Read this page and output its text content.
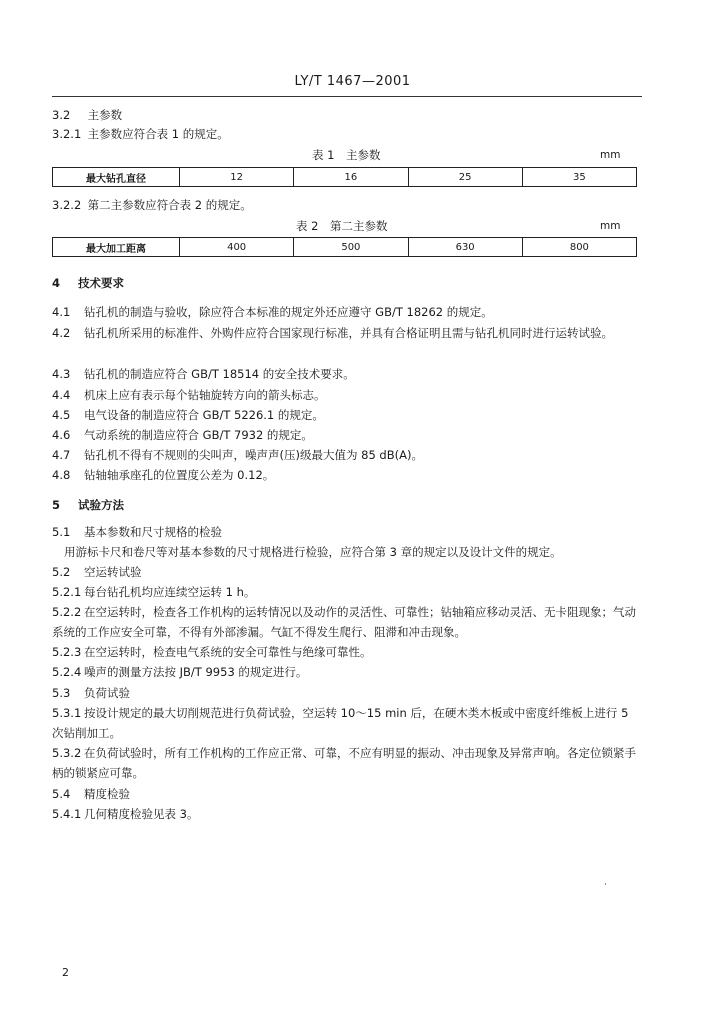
LY/T 1467—2001
3.2 主参数
3.2.1 主参数应符合表 1 的规定。
表 1　主参数	mm
最大钻孔直径	12	16	25	35
3.2.2 第二主参数应符合表 2 的规定。
表 2　第二主参数	mm
最大加工距离	400	500	630	800
4 技术要求
4.1 钻孔机的制造与验收，除应符合本标准的规定外还应遵守 GB/T 18262 的规定。
4.2 钻孔机所采用的标准件、外购件应符合国家现行标准，并具有合格证明且需与钻孔机同时进行运转试验。
4.3 钻孔机的制造应符合 GB/T 18514 的安全技术要求。
4.4 机床上应有表示每个钻轴旋转方向的箭头标志。
4.5 电气设备的制造应符合 GB/T 5226.1 的规定。
4.6 气动系统的制造应符合 GB/T 7932 的规定。
4.7 钻孔机不得有不规则的尖叫声，噪声声(压)级最大值为 85 dB(A)。
4.8 钻轴轴承座孔的位置度公差为 0.12。
5 试验方法
5.1 基本参数和尺寸规格的检验
用游标卡尺和卷尺等对基本参数的尺寸规格进行检验，应符合第 3 章的规定以及设计文件的规定。
5.2 空运转试验
5.2.1 每台钻孔机均应连续空运转 1 h。
5.2.2 在空运转时，检查各工作机构的运转情况以及动作的灵活性、可靠性；钻轴箱应移动灵活、无卡阻现象；气动系统的工作应安全可靠，不得有外部渗漏。气缸不得发生爬行、阻滞和冲击现象。
5.2.3 在空运转时，检查电气系统的安全可靠性与绝缘可靠性。
5.2.4 噪声的测量方法按 JB/T 9953 的规定进行。
5.3 负荷试验
5.3.1 按设计规定的最大切削规范进行负荷试验，空运转 10～15 min 后，在硬木类木板或中密度纤维板上进行 5 次钻削加工。
5.3.2 在负荷试验时，所有工作机构的工作应正常、可靠，不应有明显的振动、冲击现象及异常声响。各定位锁紧手柄的锁紧应可靠。
5.4 精度检验
5.4.1 几何精度检验见表 3。
·
2
